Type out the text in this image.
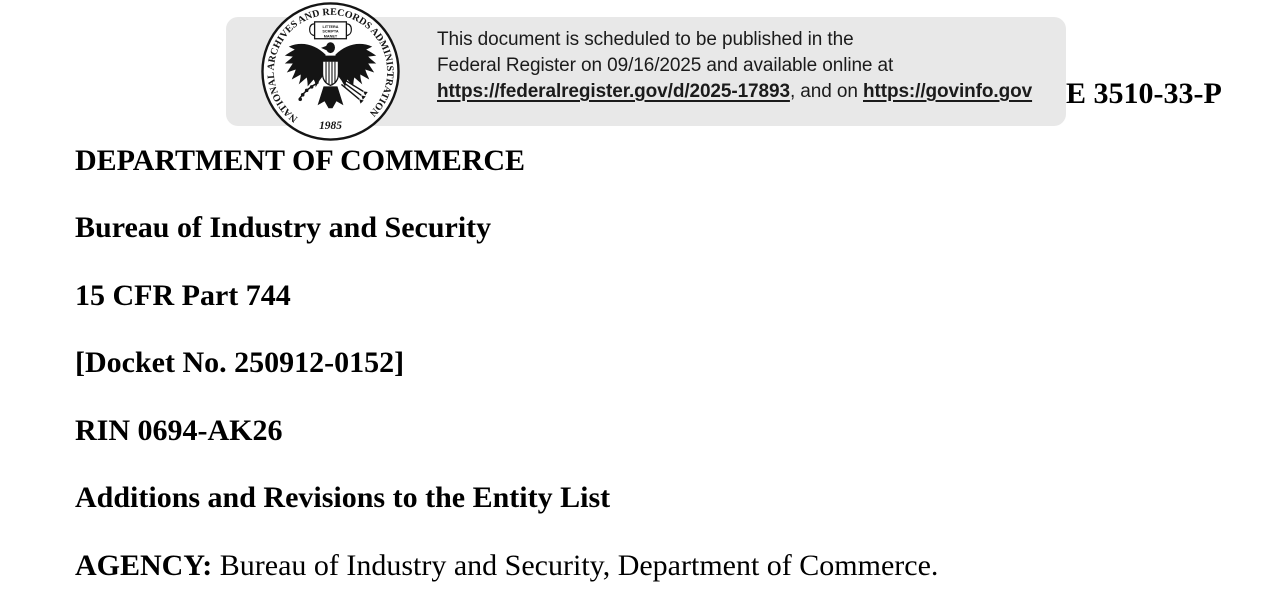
NATIONAL ARCHIVES AND RECORDS ADMINISTRATION
1985
LITTERA
SCRIPTA
MANET	This document is scheduled to be published in the
Federal Register on 09/16/2025 and available online at
https://federalregister.gov/d/2025-17893, and on https://govinfo.gov E 3510-33-P
DEPARTMENT OF COMMERCE
Bureau of Industry and Security
15 CFR Part 744
[Docket No. 250912-0152]
RIN 0694-AK26
Additions and Revisions to the Entity List
AGENCY: Bureau of Industry and Security, Department of Commerce.
